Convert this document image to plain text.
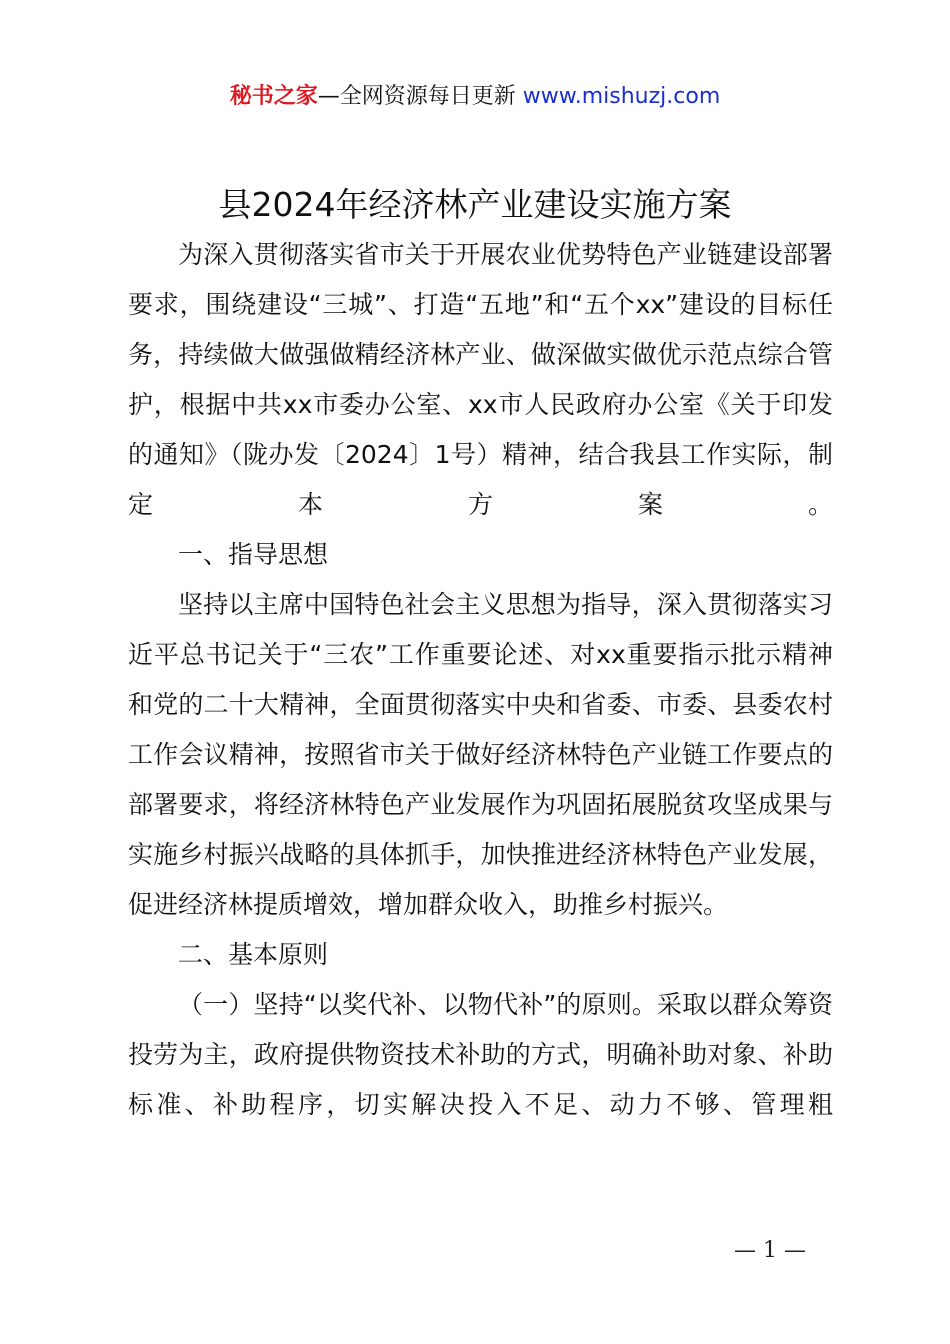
秘书之家—全网资源每日更新 www.mishuzj.com
县2024年经济林产业建设实施方案

为深入贯彻落实省市关于开展农业优势特色产业链建设部署要求，围绕建设“三城”、打造“五地”和“五个xx”建设的目标任务，持续做大做强做精经济林产业、做深做实做优示范点综合管护，根据中共xx市委办公室、xx市人民政府办公室《关于印发的通知》（陇办发〔2024〕1号）精神，结合我县工作实际，制定本方案。

一、指导思想

坚持以主席中国特色社会主义思想为指导，深入贯彻落实习近平总书记关于“三农”工作重要论述、对xx重要指示批示精神和党的二十大精神，全面贯彻落实中央和省委、市委、县委农村工作会议精神，按照省市关于做好经济林特色产业链工作要点的部署要求，将经济林特色产业发展作为巩固拓展脱贫攻坚成果与实施乡村振兴战略的具体抓手，加快推进经济林特色产业发展，促进经济林提质增效，增加群众收入，助推乡村振兴。

二、基本原则

（一）坚持“以奖代补、以物代补”的原则。采取以群众筹资投劳为主，政府提供物资技术补助的方式，明确补助对象、补助标准、补助程序，切实解决投入不足、动力不够、管理粗

— 1 —
